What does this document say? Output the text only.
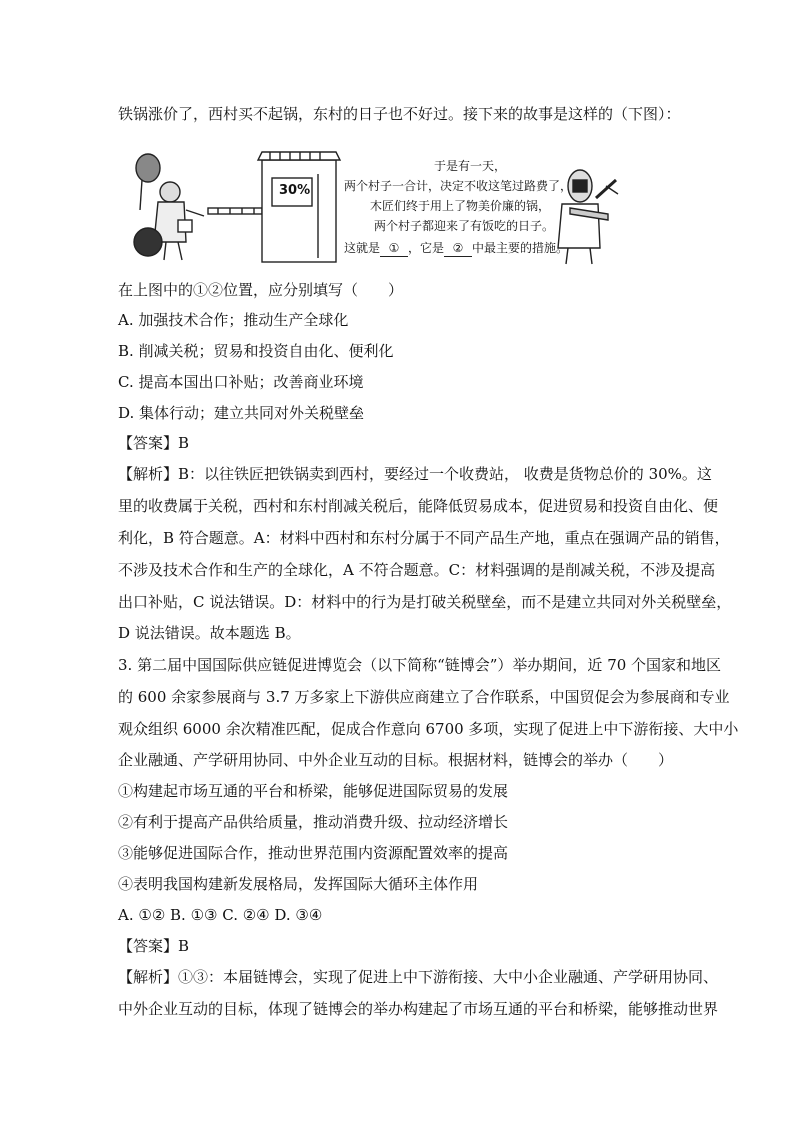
铁锅涨价了，西村买不起锅，东村的日子也不好过。接下来的故事是这样的（下图）：
30%
于是有一天，
两个村子一合计，决定不收这笔过路费了，
木匠们终于用上了物美价廉的锅，
两个村子都迎来了有饭吃的日子。
这就是 ① ，它是 ② 中最主要的措施。
在上图中的①②位置，应分别填写（　　）
A. 加强技术合作；推动生产全球化
B. 削减关税；贸易和投资自由化、便利化
C. 提高本国出口补贴；改善商业环境
D. 集体行动；建立共同对外关税壁垒
【答案】B
【解析】B：以往铁匠把铁锅卖到西村，要经过一个收费站， 收费是货物总价的 30%。这
里的收费属于关税，西村和东村削减关税后，能降低贸易成本，促进贸易和投资自由化、便
利化，B 符合题意。A：材料中西村和东村分属于不同产品生产地，重点在强调产品的销售，
不涉及技术合作和生产的全球化，A 不符合题意。C：材料强调的是削减关税，不涉及提高
出口补贴，C 说法错误。D：材料中的行为是打破关税壁垒，而不是建立共同对外关税壁垒，
D 说法错误。故本题选 B。
3. 第二届中国国际供应链促进博览会（以下简称“链博会”）举办期间，近 70 个国家和地区
的 600 余家参展商与 3.7 万多家上下游供应商建立了合作联系，中国贸促会为参展商和专业
观众组织 6000 余次精准匹配，促成合作意向 6700 多项，实现了促进上中下游衔接、大中小
企业融通、产学研用协同、中外企业互动的目标。根据材料，链博会的举办（　　）
①构建起市场互通的平台和桥梁，能够促进国际贸易的发展
②有利于提高产品供给质量，推动消费升级、拉动经济增长
③能够促进国际合作，推动世界范围内资源配置效率的提高
④表明我国构建新发展格局，发挥国际大循环主体作用
A. ①② B. ①③ C. ②④ D. ③④
【答案】B
【解析】①③：本届链博会，实现了促进上中下游衔接、大中小企业融通、产学研用协同、
中外企业互动的目标，体现了链博会的举办构建起了市场互通的平台和桥梁，能够推动世界
